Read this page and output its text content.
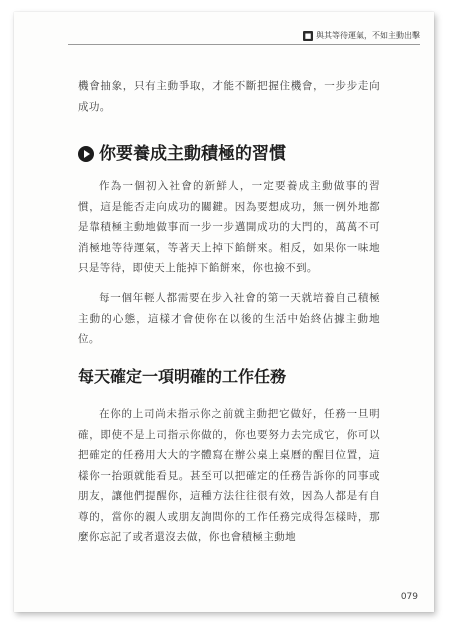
■ 與其等待運氣，不如主動出擊

機會抽象，只有主動爭取，才能不斷把握住機會，一步步走向成功。

你要養成主動積極的習慣

作為一個初入社會的新鮮人，一定要養成主動做事的習慣，這是能否走向成功的關鍵。因為要想成功，無一例外地都是靠積極主動地做事而一步一步邁開成功的大門的，萬萬不可消極地等待運氣，等著天上掉下餡餅來。相反，如果你一味地只是等待，即使天上能掉下餡餅來，你也撿不到。

每一個年輕人都需要在步入社會的第一天就培養自己積極主動的心態，這樣才會使你在以後的生活中始終佔據主動地位。

每天確定一項明確的工作任務

在你的上司尚未指示你之前就主動把它做好，任務一旦明確，即使不是上司指示你做的，你也要努力去完成它，你可以把確定的任務用大大的字體寫在辦公桌上桌曆的醒目位置，這樣你一抬頭就能看見。甚至可以把確定的任務告訴你的同事或朋友，讓他們提醒你，這種方法往往很有效，因為人都是有自尊的，當你的親人或朋友詢問你的工作任務完成得怎樣時，那麼你忘記了或者還沒去做，你也會積極主動地

079
